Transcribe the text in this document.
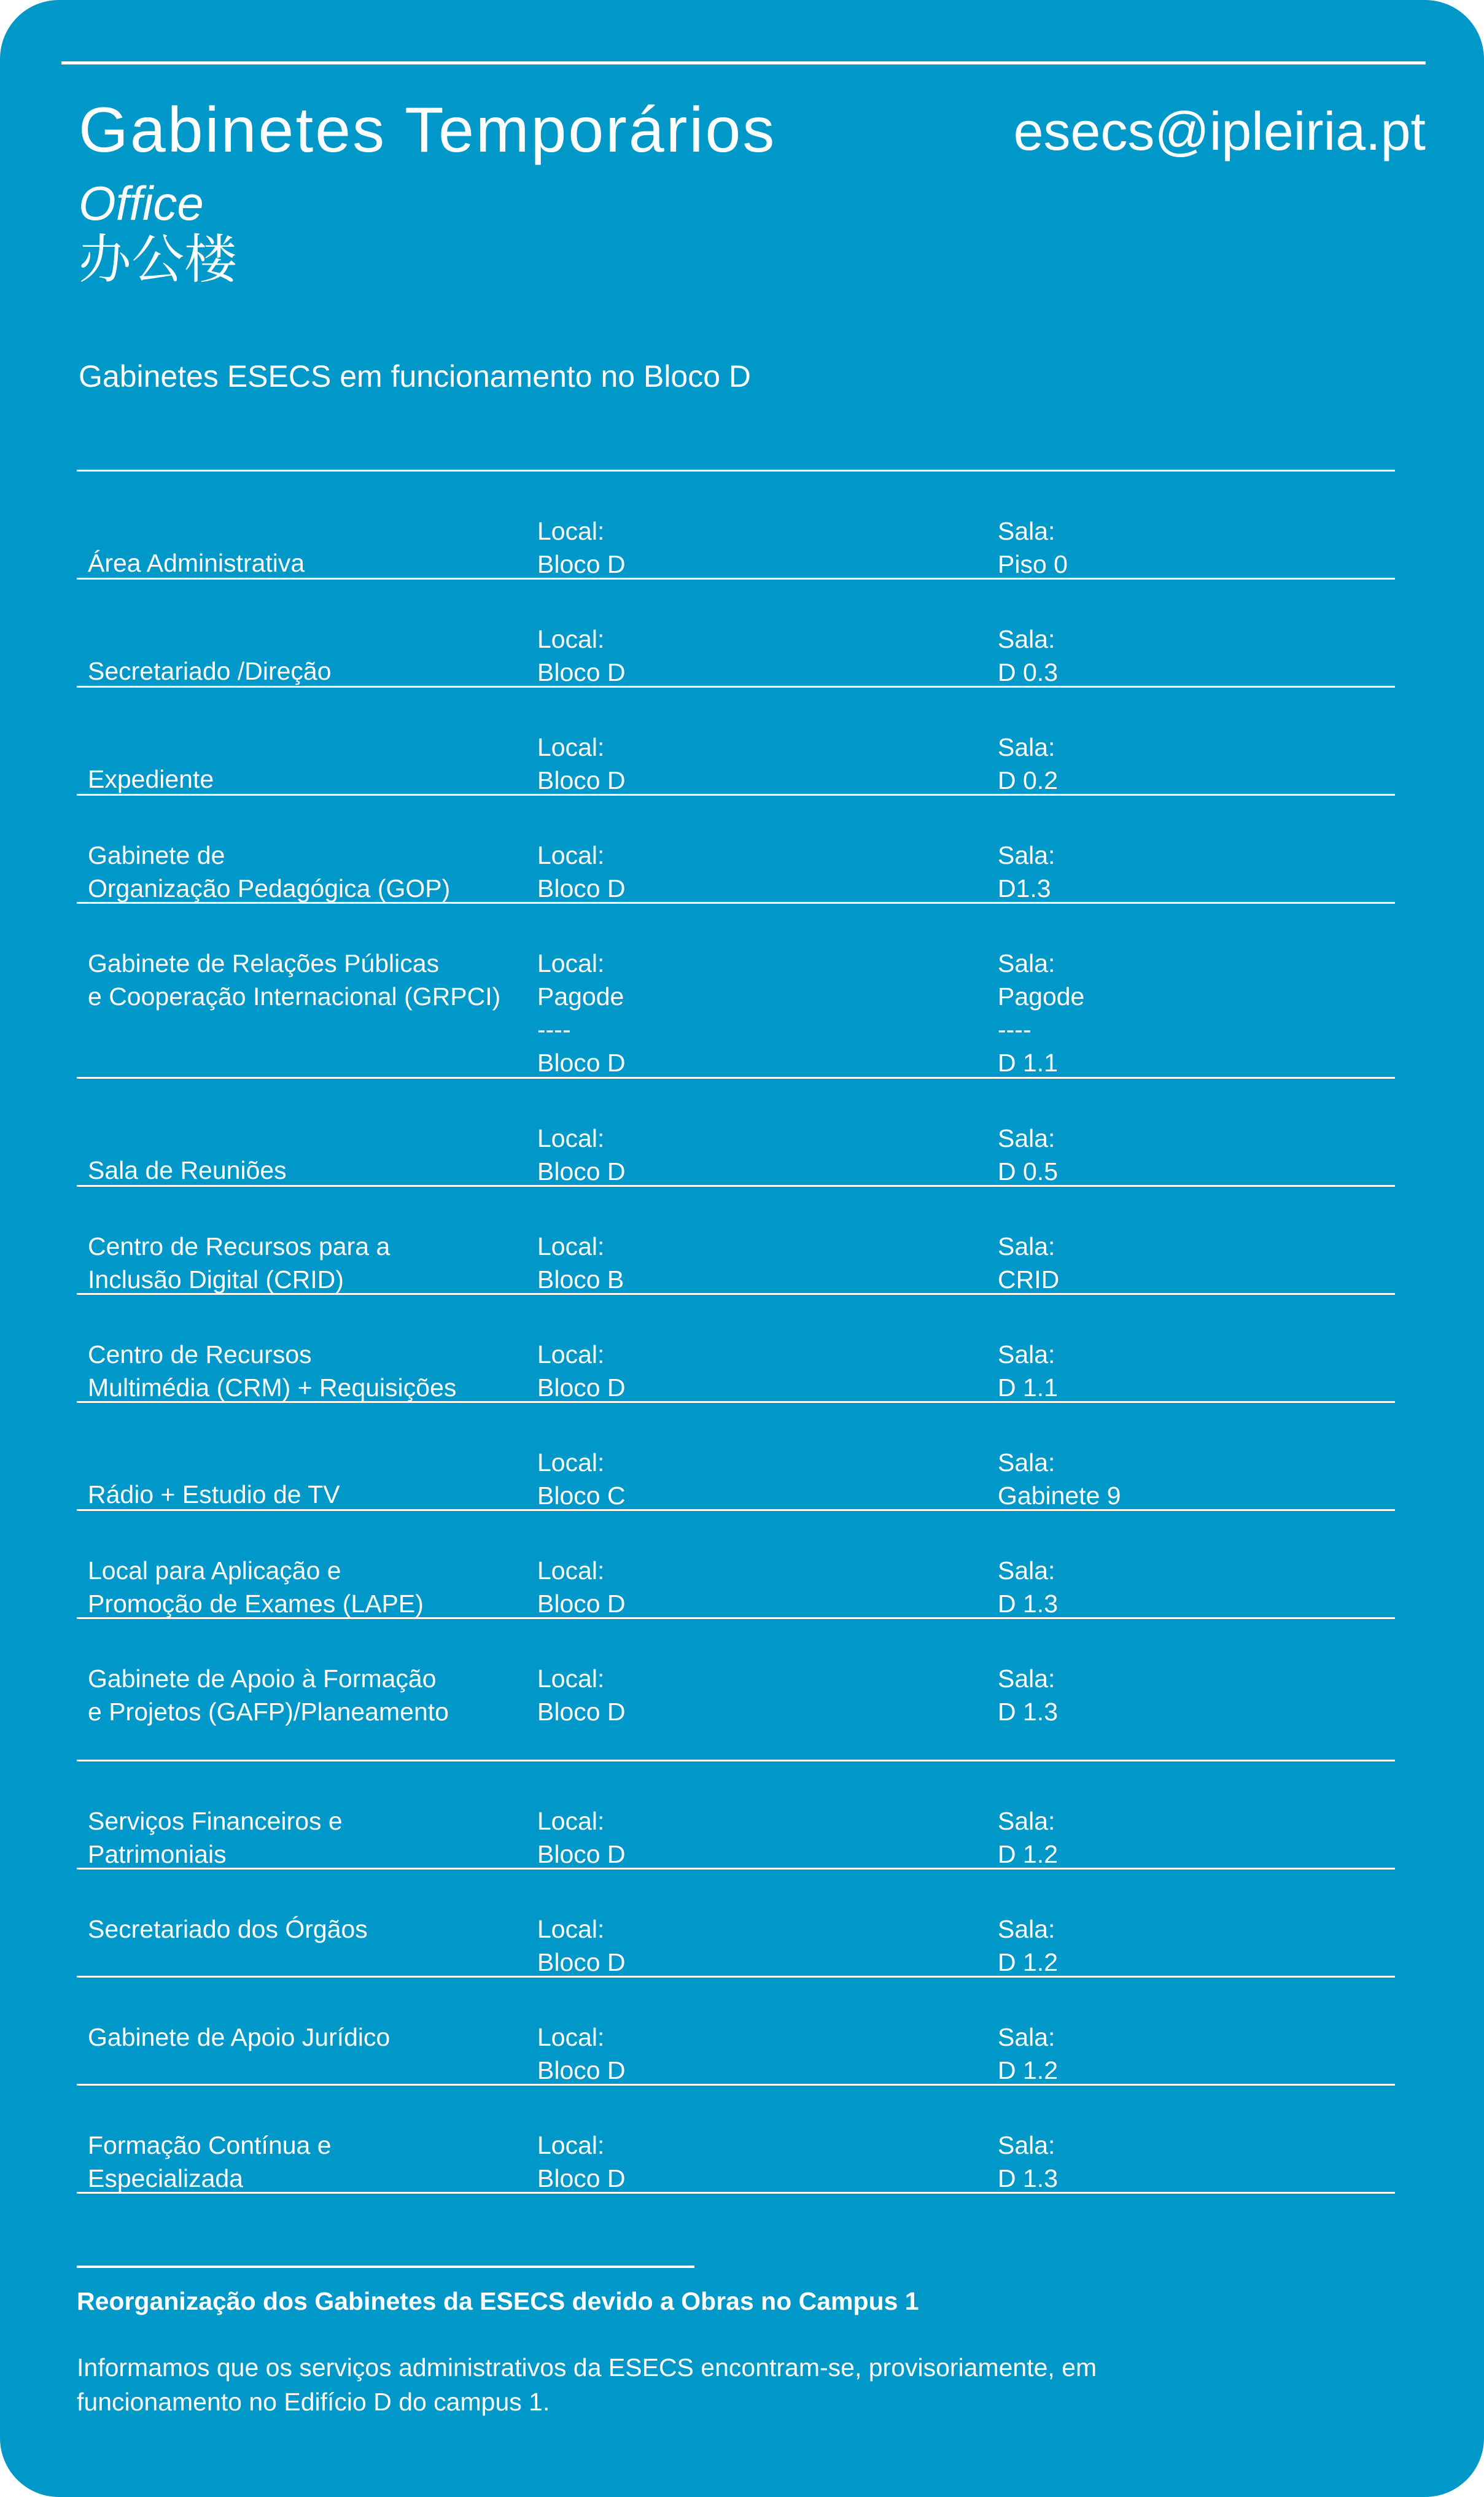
Gabinetes Temporários
Office
办公楼
esecs@ipleiria.pt
Gabinetes ESECS em funcionamento no Bloco D
Área Administrativa
Local:
Bloco D
Sala:
Piso 0
Secretariado /Direção
Local:
Bloco D
Sala:
D 0.3
Expediente
Local:
Bloco D
Sala:
D 0.2
Gabinete de
Organização Pedagógica (GOP)
Local:
Bloco D
Sala:
D1.3
Gabinete de Relações Públicas
e Cooperação Internacional (GRPCI)
Local:
Pagode
----
Bloco D
Sala:
Pagode
----
D 1.1
Sala de Reuniões
Local:
Bloco D
Sala:
D 0.5
Centro de Recursos para a
Inclusão Digital (CRID)
Local:
Bloco B
Sala:
CRID
Centro de Recursos
Multimédia (CRM) + Requisições
Local:
Bloco D
Sala:
D 1.1
Rádio + Estudio de TV
Local:
Bloco C
Sala:
Gabinete 9
Local para Aplicação e
Promoção de Exames (LAPE)
Local:
Bloco D
Sala:
D 1.3
Gabinete de Apoio à Formação
e Projetos (GAFP)/Planeamento
Local:
Bloco D
Sala:
D 1.3
Serviços Financeiros e
Patrimoniais
Local:
Bloco D
Sala:
D 1.2
Secretariado dos Órgãos	Local:
Bloco D
Sala:
D 1.2
Gabinete de Apoio Jurídico	Local:
Bloco D
Sala:
D 1.2
Formação Contínua e
Especializada
Local:
Bloco D
Sala:
D 1.3
Reorganização dos Gabinetes da ESECS devido a Obras no Campus 1
Informamos que os serviços administrativos da ESECS encontram-se, provisoriamente, em
funcionamento no Edifício D do campus 1.
